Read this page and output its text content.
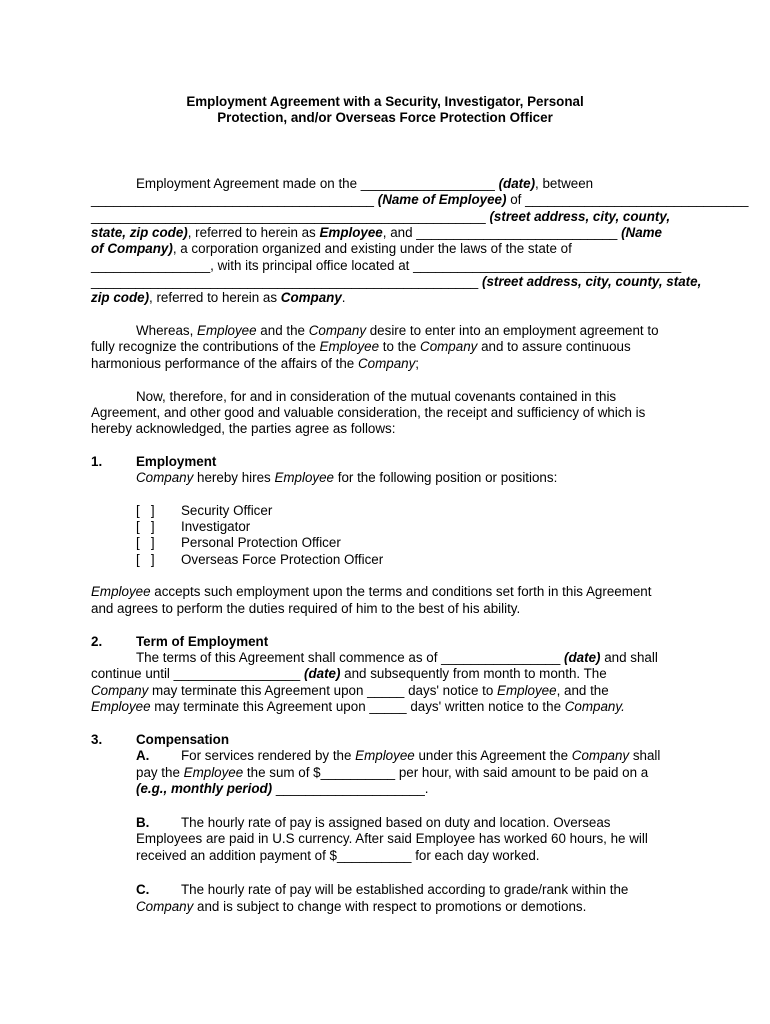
Employment Agreement with a Security, Investigator, Personal
Protection, and/or Overseas Force Protection Officer
Employment Agreement made on the __________________ (date), between
______________________________________ (Name of Employee) of ______________________________
_____________________________________________________ (street address, city, county,
state, zip code), referred to herein as Employee, and ___________________________ (Name
of Company), a corporation organized and existing under the laws of the state of
________________, with its principal office located at ____________________________________
____________________________________________________ (street address, city, county, state,
zip code), referred to herein as Company.
Whereas, Employee and the Company desire to enter into an employment agreement to
fully recognize the contributions of the Employee to the Company and to assure continuous
harmonious performance of the affairs of the Company;
Now, therefore, for and in consideration of the mutual covenants contained in this
Agreement, and other good and valuable consideration, the receipt and sufficiency of which is
hereby acknowledged, the parties agree as follows:
1.	Employment
Company hereby hires Employee for the following position or positions:
[   ] Security Officer
[   ] Investigator
[   ] Personal Protection Officer
[   ] Overseas Force Protection Officer
Employee accepts such employment upon the terms and conditions set forth in this Agreement
and agrees to perform the duties required of him to the best of his ability.
2.	Term of Employment
The terms of this Agreement shall commence as of ________________ (date) and shall
continue until _________________ (date) and subsequently from month to month. The
Company may terminate this Agreement upon _____ days' notice to Employee, and the
Employee may terminate this Agreement upon _____ days' written notice to the Company.
3.	Compensation
A. For services rendered by the Employee under this Agreement the Company shall
pay the Employee the sum of $__________ per hour, with said amount to be paid on a
(e.g., monthly period) ____________________.
B. The hourly rate of pay is assigned based on duty and location. Overseas
Employees are paid in U.S currency. After said Employee has worked 60 hours, he will
received an addition payment of $__________ for each day worked.
C. The hourly rate of pay will be established according to grade/rank within the
Company and is subject to change with respect to promotions or demotions.
